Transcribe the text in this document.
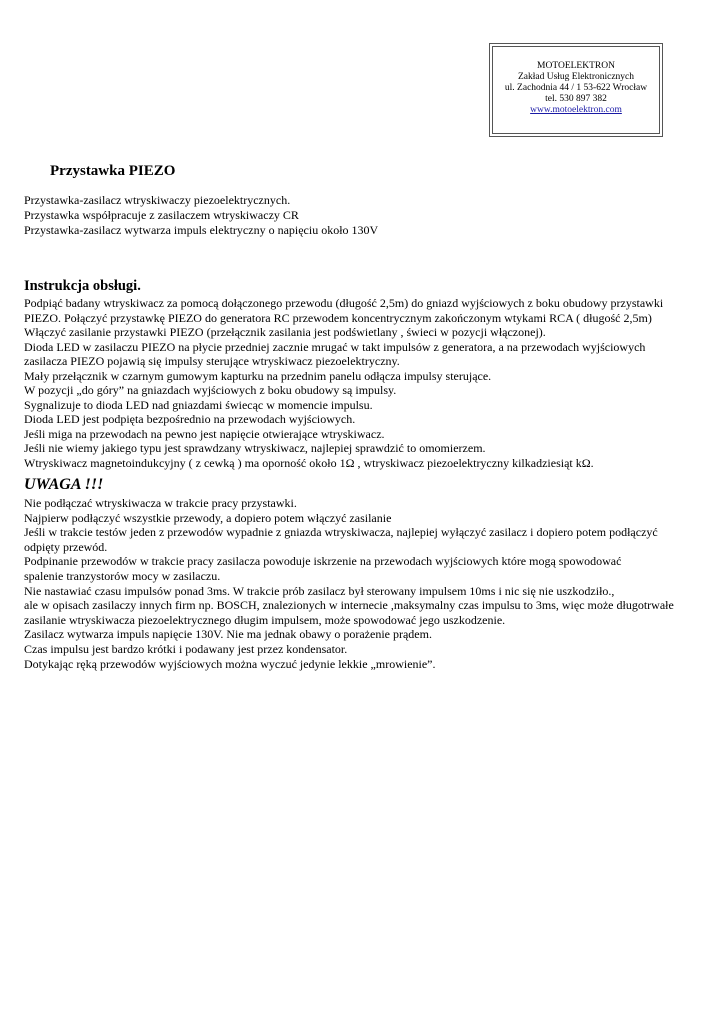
MOTOELEKTRON
Zakład Usług Elektronicznych
ul. Zachodnia 44 / 1 53-622 Wrocław
tel. 530 897 382
www.motoelektron.com
Przystawka PIEZO
Przystawka-zasilacz wtryskiwaczy piezoelektrycznych.
Przystawka współpracuje z zasilaczem wtryskiwaczy CR
Przystawka-zasilacz wytwarza impuls elektryczny o napięciu około 130V
Instrukcja obsługi.
Podpiąć badany wtryskiwacz za pomocą dołączonego przewodu (długość 2,5m) do gniazd wyjściowych z boku obudowy przystawki
PIEZO. Połączyć przystawkę PIEZO do generatora RC przewodem koncentrycznym zakończonym wtykami RCA ( długość 2,5m)
Włączyć zasilanie przystawki PIEZO (przełącznik zasilania jest podświetlany , świeci w pozycji włączonej).
Dioda LED w zasilaczu PIEZO na płycie przedniej zacznie mrugać w takt impulsów z generatora, a na przewodach wyjściowych
zasilacza PIEZO pojawią się impulsy sterujące wtryskiwacz piezoelektryczny.
Mały przełącznik w czarnym gumowym kapturku na przednim panelu odłącza impulsy sterujące.
W pozycji „do góry” na gniazdach wyjściowych z boku obudowy są impulsy.
Sygnalizuje to dioda LED nad gniazdami świecąc w momencie impulsu.
Dioda LED jest podpięta bezpośrednio na przewodach wyjściowych.
Jeśli miga na przewodach na pewno jest napięcie otwierające wtryskiwacz.
Jeśli nie wiemy jakiego typu jest sprawdzany wtryskiwacz, najlepiej sprawdzić to omomierzem.
Wtryskiwacz magnetoindukcyjny ( z cewką ) ma oporność około 1Ω , wtryskiwacz piezoelektryczny kilkadziesiąt kΩ.
UWAGA !!!
Nie podłączać wtryskiwacza w trakcie pracy przystawki.
Najpierw podłączyć wszystkie przewody, a dopiero potem włączyć zasilanie
Jeśli w trakcie testów jeden z przewodów wypadnie z gniazda wtryskiwacza, najlepiej wyłączyć zasilacz i dopiero potem podłączyć
odpięty przewód.
Podpinanie przewodów w trakcie pracy zasilacza powoduje iskrzenie na przewodach wyjściowych które mogą spowodować
spalenie tranzystorów mocy w zasilaczu.
Nie nastawiać czasu impulsów ponad 3ms. W trakcie prób zasilacz był sterowany impulsem 10ms i nic się nie uszkodziło.,
ale w opisach zasilaczy innych firm np. BOSCH, znalezionych w internecie ,maksymalny czas impulsu to 3ms, więc może długotrwałe
zasilanie wtryskiwacza piezoelektrycznego długim impulsem, może spowodować jego uszkodzenie.
Zasilacz wytwarza impuls napięcie 130V. Nie ma jednak obawy o porażenie prądem.
Czas impulsu jest bardzo krótki i podawany jest przez kondensator.
Dotykając ręką przewodów wyjściowych można wyczuć jedynie lekkie „mrowienie”.
